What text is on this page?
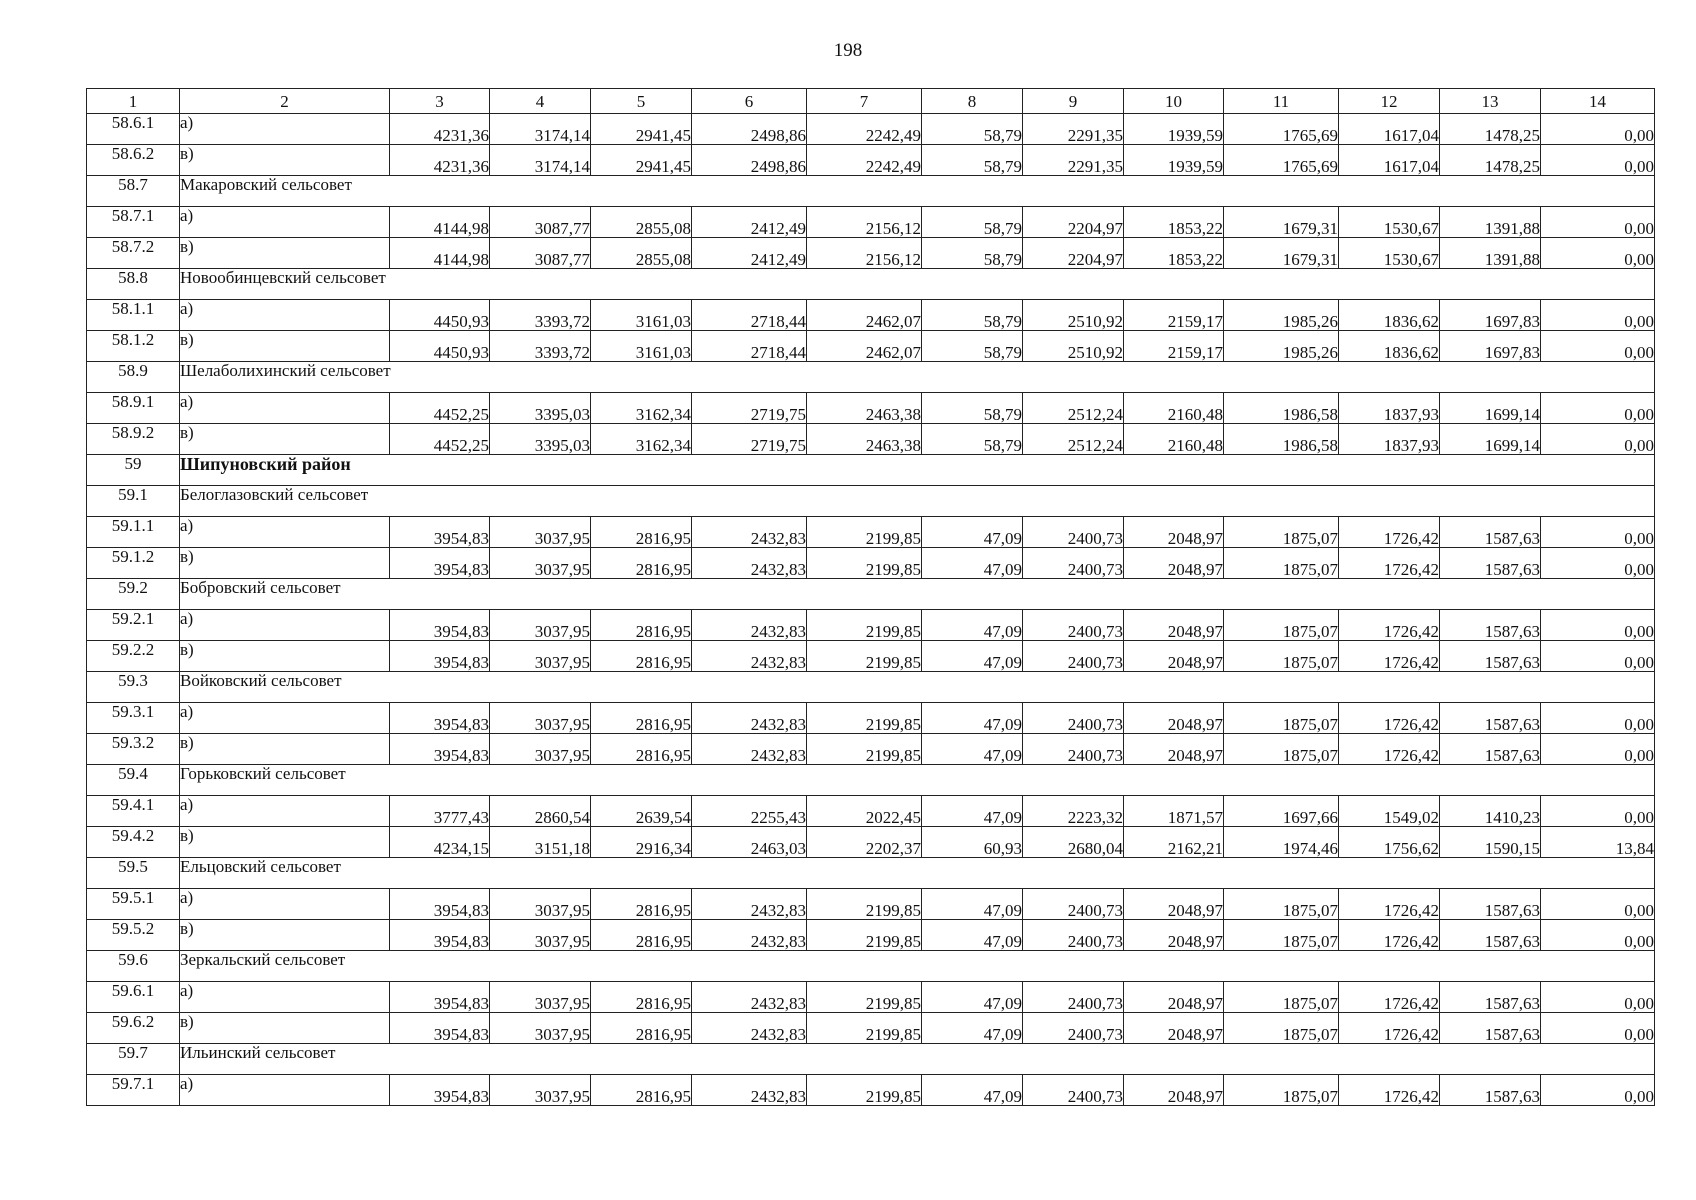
198
1	2	3	4	5	6	7	8	9	10	11	12	13	14
58.6.1	а)	4231,36	3174,14	2941,45	2498,86	2242,49	58,79	2291,35	1939,59	1765,69	1617,04	1478,25	0,00
58.6.2	в)	4231,36	3174,14	2941,45	2498,86	2242,49	58,79	2291,35	1939,59	1765,69	1617,04	1478,25	0,00
58.7	Макаровский сельсовет												
58.7.1	а)	4144,98	3087,77	2855,08	2412,49	2156,12	58,79	2204,97	1853,22	1679,31	1530,67	1391,88	0,00
58.7.2	в)	4144,98	3087,77	2855,08	2412,49	2156,12	58,79	2204,97	1853,22	1679,31	1530,67	1391,88	0,00
58.8	Новообинцевский сельсовет												
58.1.1	а)	4450,93	3393,72	3161,03	2718,44	2462,07	58,79	2510,92	2159,17	1985,26	1836,62	1697,83	0,00
58.1.2	в)	4450,93	3393,72	3161,03	2718,44	2462,07	58,79	2510,92	2159,17	1985,26	1836,62	1697,83	0,00
58.9	Шелаболихинский сельсовет												
58.9.1	а)	4452,25	3395,03	3162,34	2719,75	2463,38	58,79	2512,24	2160,48	1986,58	1837,93	1699,14	0,00
58.9.2	в)	4452,25	3395,03	3162,34	2719,75	2463,38	58,79	2512,24	2160,48	1986,58	1837,93	1699,14	0,00
59	Шипуновский район												
59.1	Белоглазовский сельсовет												
59.1.1	а)	3954,83	3037,95	2816,95	2432,83	2199,85	47,09	2400,73	2048,97	1875,07	1726,42	1587,63	0,00
59.1.2	в)	3954,83	3037,95	2816,95	2432,83	2199,85	47,09	2400,73	2048,97	1875,07	1726,42	1587,63	0,00
59.2	Бобровский сельсовет												
59.2.1	а)	3954,83	3037,95	2816,95	2432,83	2199,85	47,09	2400,73	2048,97	1875,07	1726,42	1587,63	0,00
59.2.2	в)	3954,83	3037,95	2816,95	2432,83	2199,85	47,09	2400,73	2048,97	1875,07	1726,42	1587,63	0,00
59.3	Войковский сельсовет												
59.3.1	а)	3954,83	3037,95	2816,95	2432,83	2199,85	47,09	2400,73	2048,97	1875,07	1726,42	1587,63	0,00
59.3.2	в)	3954,83	3037,95	2816,95	2432,83	2199,85	47,09	2400,73	2048,97	1875,07	1726,42	1587,63	0,00
59.4	Горьковский сельсовет												
59.4.1	а)	3777,43	2860,54	2639,54	2255,43	2022,45	47,09	2223,32	1871,57	1697,66	1549,02	1410,23	0,00
59.4.2	в)	4234,15	3151,18	2916,34	2463,03	2202,37	60,93	2680,04	2162,21	1974,46	1756,62	1590,15	13,84
59.5	Ельцовский сельсовет												
59.5.1	а)	3954,83	3037,95	2816,95	2432,83	2199,85	47,09	2400,73	2048,97	1875,07	1726,42	1587,63	0,00
59.5.2	в)	3954,83	3037,95	2816,95	2432,83	2199,85	47,09	2400,73	2048,97	1875,07	1726,42	1587,63	0,00
59.6	Зеркальский сельсовет												
59.6.1	а)	3954,83	3037,95	2816,95	2432,83	2199,85	47,09	2400,73	2048,97	1875,07	1726,42	1587,63	0,00
59.6.2	в)	3954,83	3037,95	2816,95	2432,83	2199,85	47,09	2400,73	2048,97	1875,07	1726,42	1587,63	0,00
59.7	Ильинский сельсовет												
59.7.1	а)	3954,83	3037,95	2816,95	2432,83	2199,85	47,09	2400,73	2048,97	1875,07	1726,42	1587,63	0,00
